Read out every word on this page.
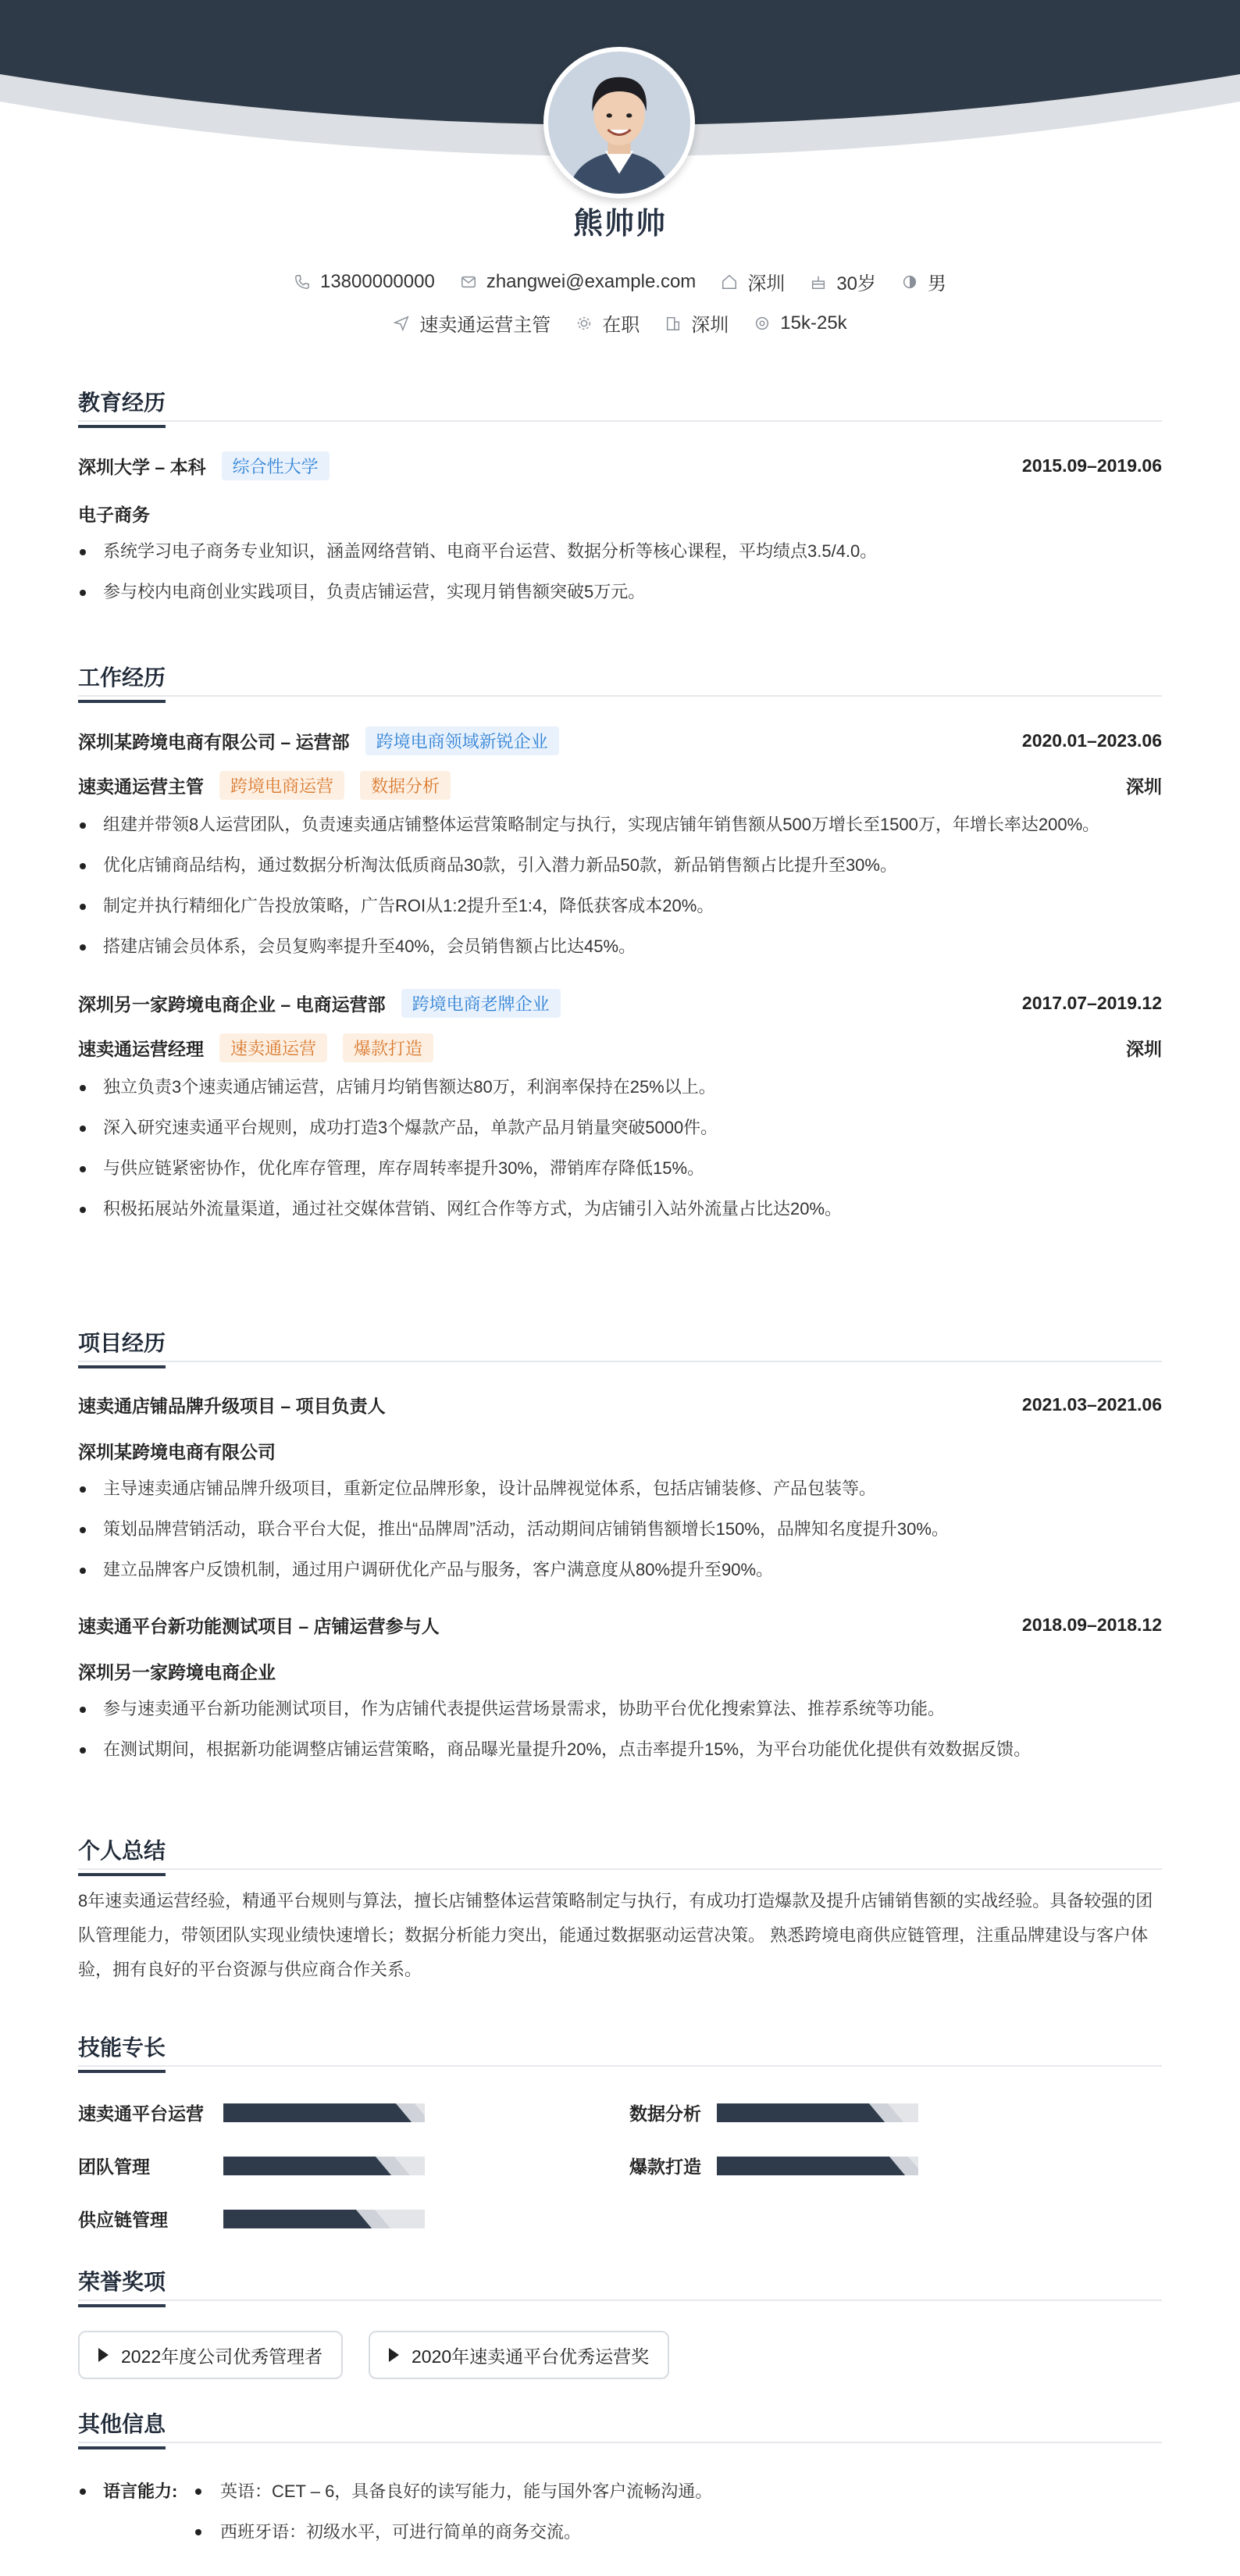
熊帅帅
13800000000	zhangwei@example.com	深圳	30岁	男
速卖通运营主管	在职	深圳	15k-25k
教育经历
深圳大学 – 本科	综合性大学	2015.09–2019.06
电子商务
系统学习电子商务专业知识，涵盖网络营销、电商平台运营、数据分析等核心课程，平均绩点3.5/4.0。
参与校内电商创业实践项目，负责店铺运营，实现月销售额突破5万元。
工作经历
深圳某跨境电商有限公司 – 运营部	跨境电商领域新锐企业	2020.01–2023.06
速卖通运营主管	跨境电商运营	数据分析	深圳
组建并带领8人运营团队，负责速卖通店铺整体运营策略制定与执行，实现店铺年销售额从500万增长至1500万，年增长率达200%。
优化店铺商品结构，通过数据分析淘汰低质商品30款，引入潜力新品50款，新品销售额占比提升至30%。
制定并执行精细化广告投放策略，广告ROI从1:2提升至1:4，降低获客成本20%。
搭建店铺会员体系，会员复购率提升至40%，会员销售额占比达45%。
深圳另一家跨境电商企业 – 电商运营部	跨境电商老牌企业	2017.07–2019.12
速卖通运营经理	速卖通运营	爆款打造	深圳
独立负责3个速卖通店铺运营，店铺月均销售额达80万，利润率保持在25%以上。
深入研究速卖通平台规则，成功打造3个爆款产品，单款产品月销量突破5000件。
与供应链紧密协作，优化库存管理，库存周转率提升30%，滞销库存降低15%。
积极拓展站外流量渠道，通过社交媒体营销、网红合作等方式，为店铺引入站外流量占比达20%。
项目经历
速卖通店铺品牌升级项目 – 项目负责人	2021.03–2021.06
深圳某跨境电商有限公司
主导速卖通店铺品牌升级项目，重新定位品牌形象，设计品牌视觉体系，包括店铺装修、产品包装等。
策划品牌营销活动，联合平台大促，推出“品牌周”活动，活动期间店铺销售额增长150%，品牌知名度提升30%。
建立品牌客户反馈机制，通过用户调研优化产品与服务，客户满意度从80%提升至90%。
速卖通平台新功能测试项目 – 店铺运营参与人	2018.09–2018.12
深圳另一家跨境电商企业
参与速卖通平台新功能测试项目，作为店铺代表提供运营场景需求，协助平台优化搜索算法、推荐系统等功能。
在测试期间，根据新功能调整店铺运营策略，商品曝光量提升20%，点击率提升15%，为平台功能优化提供有效数据反馈。
个人总结
8年速卖通运营经验，精通平台规则与算法，擅长店铺整体运营策略制定与执行，有成功打造爆款及提升店铺销售额的实战经验。具备较强的团队管理能力，带领团队实现业绩快速增长；数据分析能力突出，能通过数据驱动运营决策。 熟悉跨境电商供应链管理，注重品牌建设与客户体验，拥有良好的平台资源与供应商合作关系。
技能专长
速卖通平台运营	数据分析
团队管理	爆款打造
供应链管理
荣誉奖项
2022年度公司优秀管理者	2020年速卖通平台优秀运营奖
其他信息
语言能力:	英语：CET – 6，具备良好的读写能力，能与国外客户流畅沟通。
西班牙语：初级水平，可进行简单的商务交流。
